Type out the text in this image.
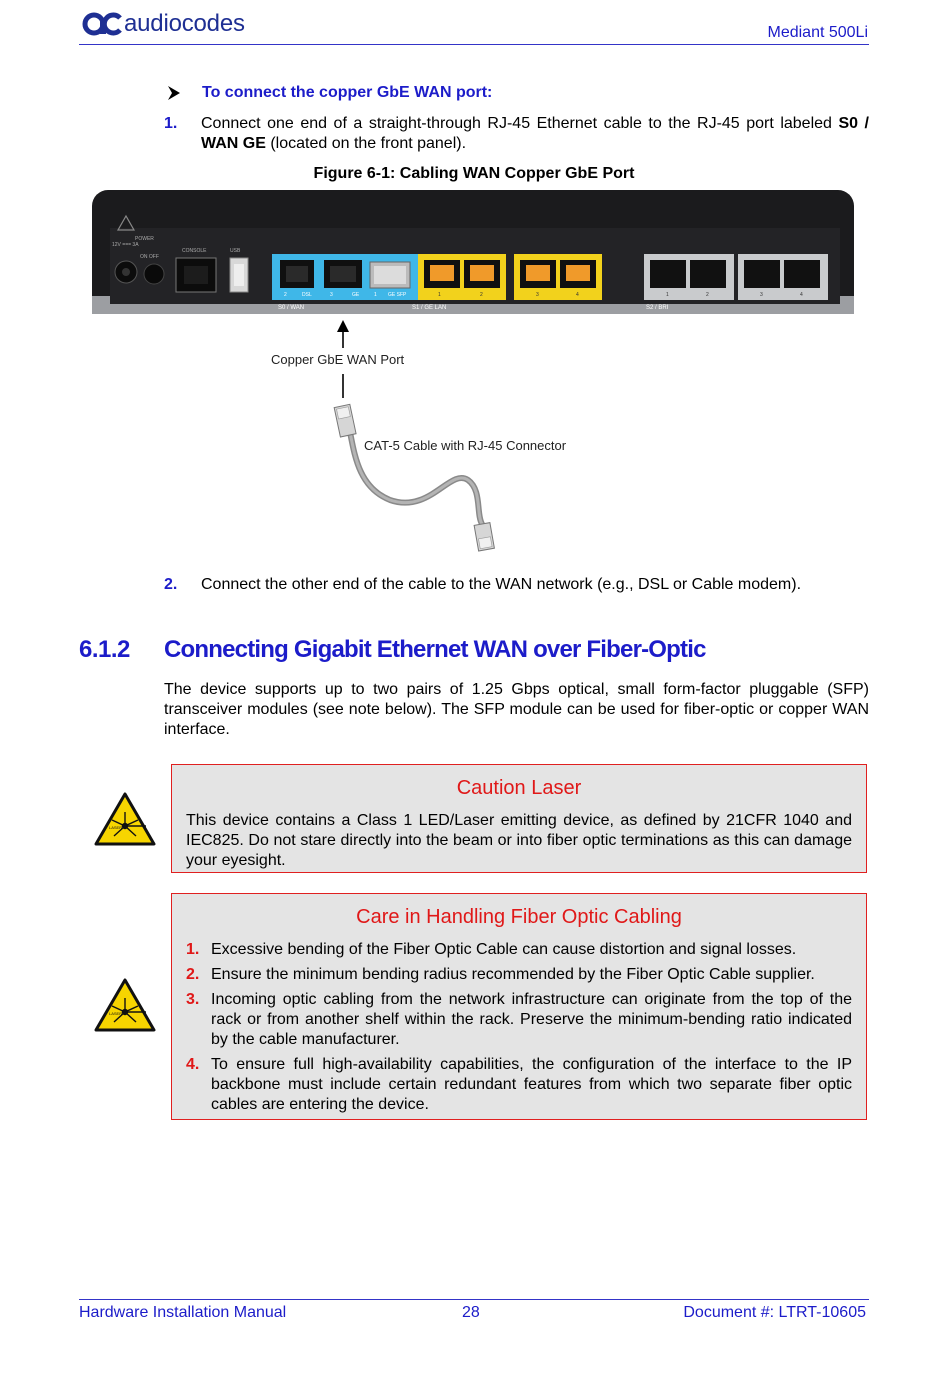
audiocodes	Mediant 500Li
To connect the copper GbE WAN port:
1.	Connect one end of a straight-through RJ-45 Ethernet cable to the RJ-45 port labeled S0 / WAN GE (located on the front panel).
Figure 6-1: Cabling WAN Copper GbE Port
12V === 3A
POWER
ON OFF
CONSOLE	USB
2	DSL	3	GE	1 GE SFP
S0 / WAN
1	2	3	4
S1 / GE LAN
1	2	3	4
S2 / BRI
Copper GbE WAN Port
CAT-5 Cable with RJ-45 Connector
2.	Connect the other end of the cable to the WAN network (e.g., DSL or Cable modem).
6.1.2 Connecting Gigabit Ethernet WAN over Fiber-Optic
The device supports up to two pairs of 1.25 Gbps optical, small form-factor pluggable (SFP) transceiver modules (see note below). The SFP module can be used for fiber-optic or copper WAN interface.
LASER
Caution Laser
This device contains a Class 1 LED/Laser emitting device, as defined by 21CFR 1040 and IEC825. Do not stare directly into the beam or into fiber optic terminations as this can damage your eyesight.
LASER
Care in Handling Fiber Optic Cabling
1. Excessive bending of the Fiber Optic Cable can cause distortion and signal losses.
2. Ensure the minimum bending radius recommended by the Fiber Optic Cable supplier.
3. Incoming optic cabling from the network infrastructure can originate from the top of the rack or from another shelf within the rack. Preserve the minimum-bending ratio indicated by the cable manufacturer.
4. To ensure full high-availability capabilities, the configuration of the interface to the IP backbone must include certain redundant features from which two separate fiber optic cables are entering the device.
Hardware Installation Manual	28	Document #: LTRT-10605
